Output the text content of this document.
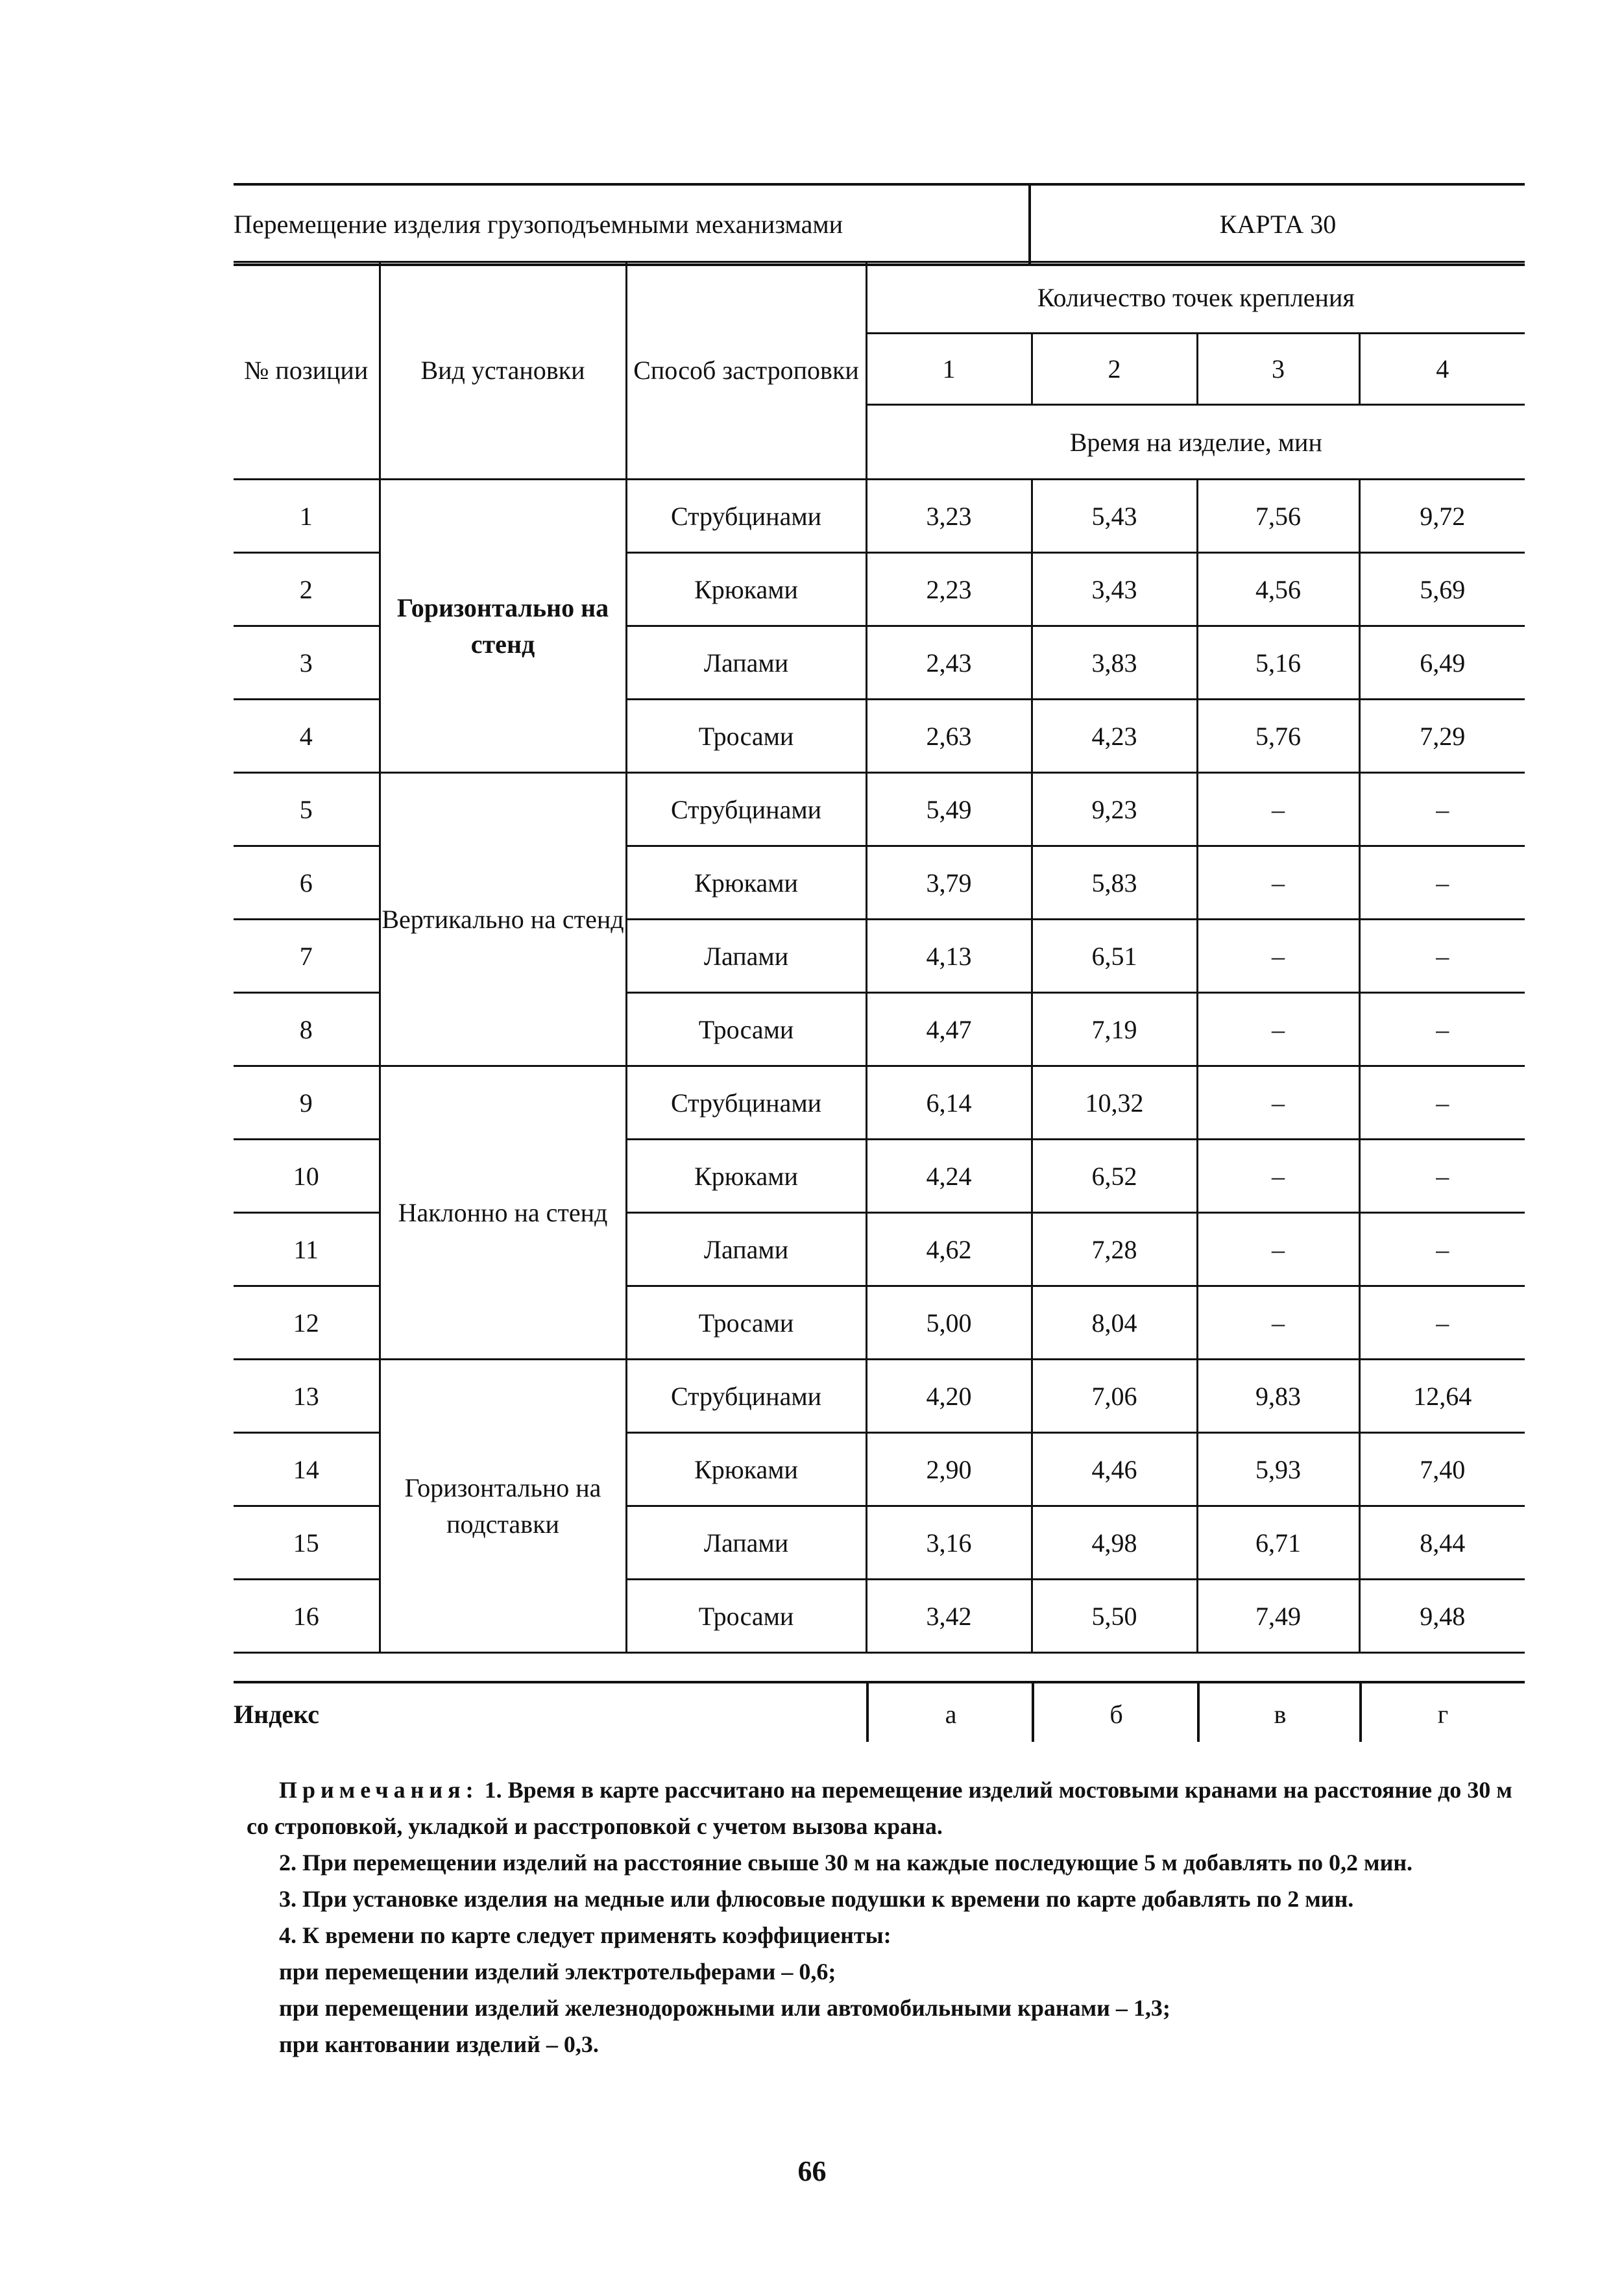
Перемещение изделия грузоподъемными механизмами	КАРТА 30
№ позиции	Вид установки	Способ застроповки	Количество точек крепления			
			1	2	3	4
			Время на изделие, мин			
1	Горизонтально на стенд	Струбцинами	3,23	5,43	7,56	9,72
2		Крюками	2,23	3,43	4,56	5,69
3		Лапами	2,43	3,83	5,16	6,49
4		Тросами	2,63	4,23	5,76	7,29
5	Вертикально на стенд	Струбцинами	5,49	9,23	–	–
6		Крюками	3,79	5,83	–	–
7		Лапами	4,13	6,51	–	–
8		Тросами	4,47	7,19	–	–
9	Наклонно на стенд	Струбцинами	6,14	10,32	–	–
10		Крюками	4,24	6,52	–	–
11		Лапами	4,62	7,28	–	–
12		Тросами	5,00	8,04	–	–
13	Горизонтально на подставки	Струбцинами	4,20	7,06	9,83	12,64
14		Крюками	2,90	4,46	5,93	7,40
15		Лапами	3,16	4,98	6,71	8,44
16		Тросами	3,42	5,50	7,49	9,48
Индекс	а	б	в	г

Примечания: 1. Время в карте рассчитано на перемещение изделий мостовыми кранами на расстояние до 30 м со строповкой, укладкой и расстроповкой с учетом вызова крана.

2. При перемещении изделий на расстояние свыше 30 м на каждые последующие 5 м добавлять по 0,2 мин.

3. При установке изделия на медные или флюсовые подушки к времени по карте добавлять по 2 мин.

4. К времени по карте следует применять коэффициенты:

при перемещении изделий электротельферами – 0,6;

при перемещении изделий железнодорожными или автомобильными кранами – 1,3;

при кантовании изделий – 0,3.

66
